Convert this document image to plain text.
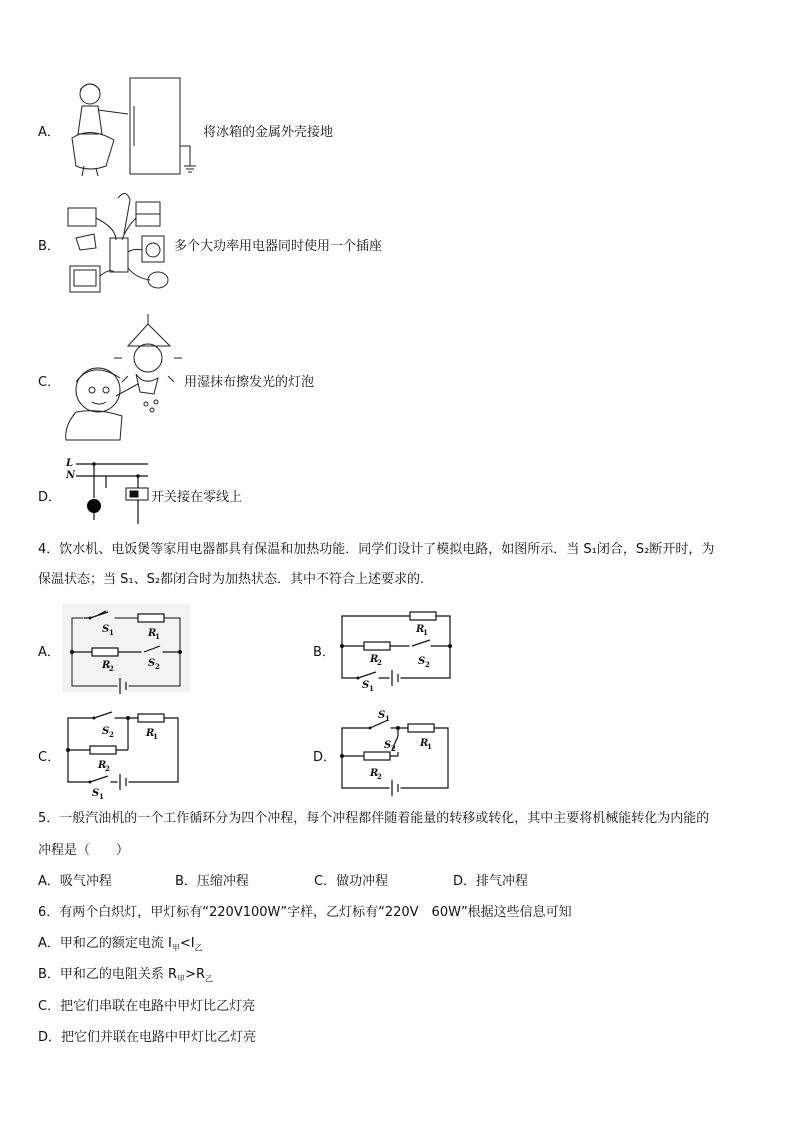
A．	将冰箱的金属外壳接地
B．	多个大功率用电器同时使用一个插座
C．	用湿抹布擦发光的灯泡
D．
L
N
开关接在零线上
4．饮水机、电饭煲等家用电器都具有保温和加热功能．同学们设计了模拟电路，如图所示．当 S₁闭合，S₂断开时，为
保温状态；当 S₁、S₂都闭合时为加热状态．其中不符合上述要求的.
A．
S 1	R
1
R
2	S 2
B．
R
1
R
2	S 2
S 1
C．
S 2	R
1
R
2
S 1
D．
S 1
R
1
S 2
R
2
5．一般汽油机的一个工作循环分为四个冲程，每个冲程都伴随着能量的转移或转化，其中主要将机械能转化为内能的
冲程是（　　）
A．吸气冲程	B．压缩冲程	C．做功冲程	D．排气冲程
6．有两个白炽灯，甲灯标有“220V100W”字样，乙灯标有“220V　60W”根据这些信息可知
A．甲和乙的额定电流 $I_甲<I_乙$
B．甲和乙的电阻关系 $R_甲>R_乙$
C．把它们串联在电路中甲灯比乙灯亮
D．把它们并联在电路中甲灯比乙灯亮
